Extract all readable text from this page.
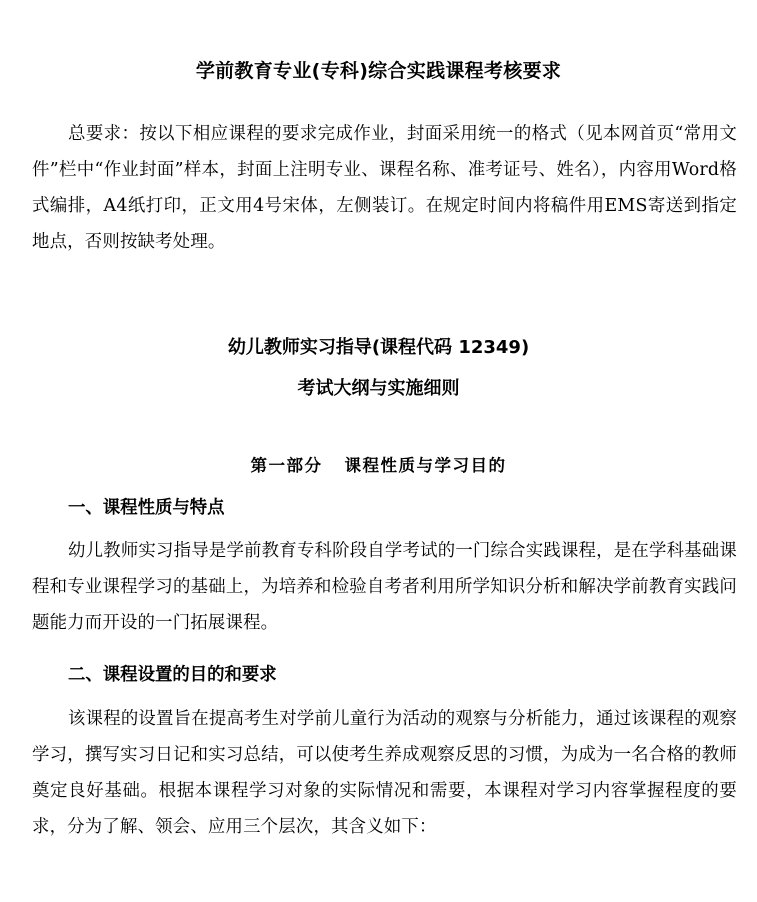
学前教育专业(专科)综合实践课程考核要求
总要求：按以下相应课程的要求完成作业，封面采用统一的格式（见本网首页“常用文件”栏中“作业封面”样本，封面上注明专业、课程名称、准考证号、姓名），内容用Word格式编排，A4纸打印，正文用4号宋体，左侧装订。在规定时间内将稿件用EMS寄送到指定地点，否则按缺考处理。
幼儿教师实习指导(课程代码 12349)
考试大纲与实施细则
第一部分 课程性质与学习目的
一、课程性质与特点
幼儿教师实习指导是学前教育专科阶段自学考试的一门综合实践课程，是在学科基础课程和专业课程学习的基础上，为培养和检验自考者利用所学知识分析和解决学前教育实践问题能力而开设的一门拓展课程。
二、课程设置的目的和要求
该课程的设置旨在提高考生对学前儿童行为活动的观察与分析能力，通过该课程的观察学习，撰写实习日记和实习总结，可以使考生养成观察反思的习惯，为成为一名合格的教师奠定良好基础。根据本课程学习对象的实际情况和需要，本课程对学习内容掌握程度的要求，分为了解、领会、应用三个层次，其含义如下：
